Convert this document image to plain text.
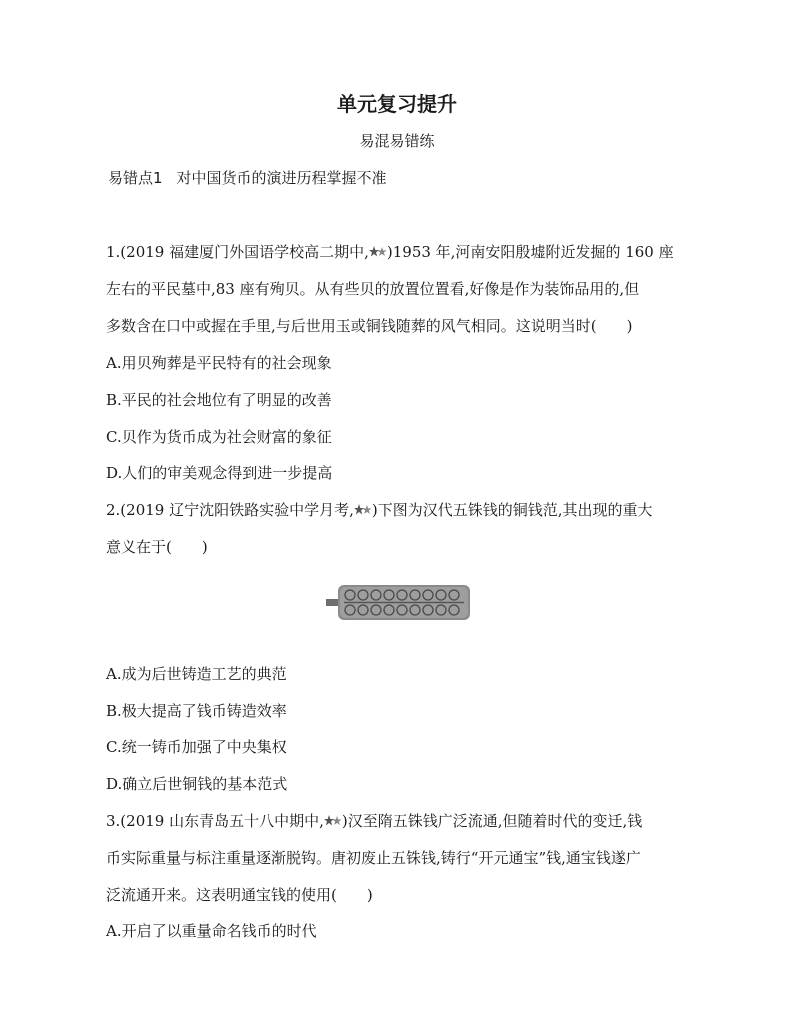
单元复习提升
易混易错练
易错点1 对中国货币的演进历程掌握不准
1.(2019 福建厦门外国语学校高二期中, )1953 年,河南安阳殷墟附近发掘的 160 座
左右的平民墓中,83 座有殉贝。从有些贝的放置位置看,好像是作为装饰品用的,但
多数含在口中或握在手里,与后世用玉或铜钱随葬的风气相同。这说明当时(　　)
A.用贝殉葬是平民特有的社会现象
B.平民的社会地位有了明显的改善
C.贝作为货币成为社会财富的象征
D.人们的审美观念得到进一步提高
2.(2019 辽宁沈阳铁路实验中学月考, )下图为汉代五铢钱的铜钱范,其出现的重大
意义在于(　　)
A.成为后世铸造工艺的典范
B.极大提高了钱币铸造效率
C.统一铸币加强了中央集权
D.确立后世铜钱的基本范式
3.(2019 山东青岛五十八中期中, )汉至隋五铢钱广泛流通,但随着时代的变迁,钱
币实际重量与标注重量逐渐脱钩。唐初废止五铢钱,铸行“开元通宝”钱,通宝钱遂广
泛流通开来。这表明通宝钱的使用(　　)
A.开启了以重量命名钱币的时代
